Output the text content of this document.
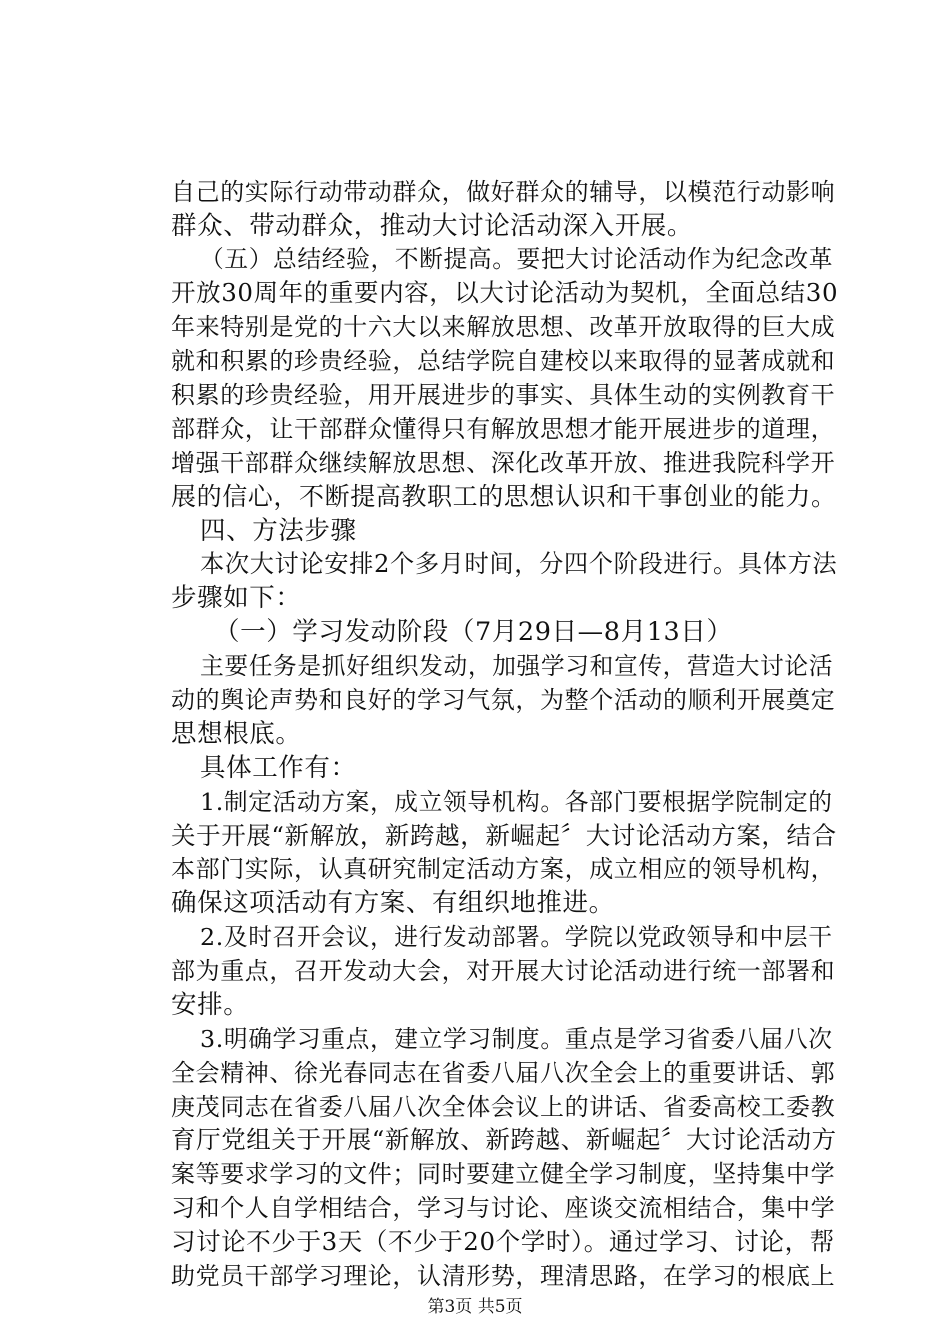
自己的实际行动带动群众，做好群众的辅导，以模范行动影响
群众、带动群众，推动大讨论活动深入开展。
（五）总结经验，不断提高。要把大讨论活动作为纪念改革
开放30周年的重要内容，以大讨论活动为契机，全面总结30
年来特别是党的十六大以来解放思想、改革开放取得的巨大成
就和积累的珍贵经验，总结学院自建校以来取得的显著成就和
积累的珍贵经验，用开展进步的事实、具体生动的实例教育干
部群众，让干部群众懂得只有解放思想才能开展进步的道理，
增强干部群众继续解放思想、深化改革开放、推进我院科学开
展的信心，不断提高教职工的思想认识和干事创业的能力。
四、方法步骤
本次大讨论安排2个多月时间，分四个阶段进行。具体方法
步骤如下：
（一）学习发动阶段（7月29日—8月13日）
主要任务是抓好组织发动，加强学习和宣传，营造大讨论活
动的舆论声势和良好的学习气氛，为整个活动的顺利开展奠定
思想根底。
具体工作有：
1.制定活动方案，成立领导机构。各部门要根据学院制定的
关于开展“新解放，新跨越，新崛起〞大讨论活动方案，结合
本部门实际，认真研究制定活动方案，成立相应的领导机构，
确保这项活动有方案、有组织地推进。
2.及时召开会议，进行发动部署。学院以党政领导和中层干
部为重点，召开发动大会，对开展大讨论活动进行统一部署和
安排。
3.明确学习重点，建立学习制度。重点是学习省委八届八次
全会精神、徐光春同志在省委八届八次全会上的重要讲话、郭
庚茂同志在省委八届八次全体会议上的讲话、省委高校工委教
育厅党组关于开展“新解放、新跨越、新崛起〞大讨论活动方
案等要求学习的文件；同时要建立健全学习制度，坚持集中学
习和个人自学相结合，学习与讨论、座谈交流相结合，集中学
习讨论不少于3天（不少于20个学时）。通过学习、讨论，帮
助党员干部学习理论，认清形势，理清思路，在学习的根底上
第3页 共5页
